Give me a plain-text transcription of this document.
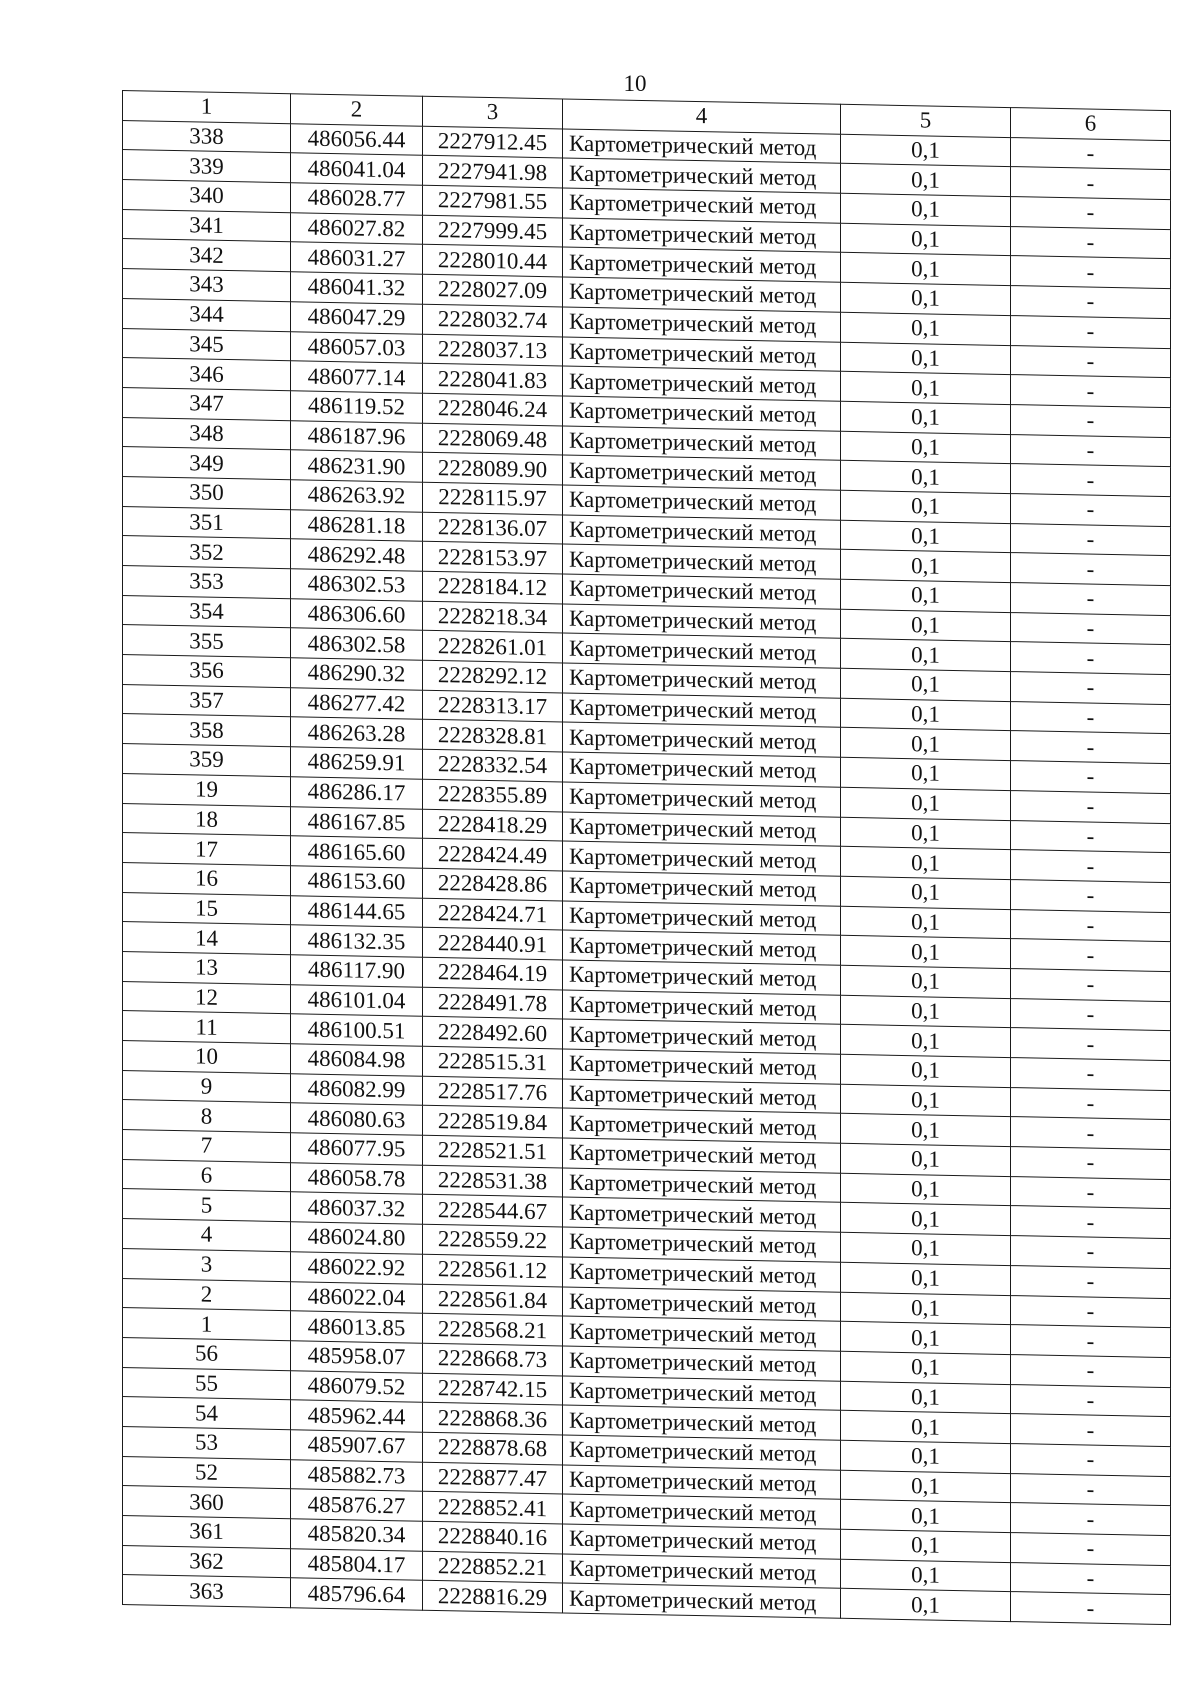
10
1	2	3	4	5	6
338	486056.44	2227912.45	Картометрический метод	0,1	-
339	486041.04	2227941.98	Картометрический метод	0,1	-
340	486028.77	2227981.55	Картометрический метод	0,1	-
341	486027.82	2227999.45	Картометрический метод	0,1	-
342	486031.27	2228010.44	Картометрический метод	0,1	-
343	486041.32	2228027.09	Картометрический метод	0,1	-
344	486047.29	2228032.74	Картометрический метод	0,1	-
345	486057.03	2228037.13	Картометрический метод	0,1	-
346	486077.14	2228041.83	Картометрический метод	0,1	-
347	486119.52	2228046.24	Картометрический метод	0,1	-
348	486187.96	2228069.48	Картометрический метод	0,1	-
349	486231.90	2228089.90	Картометрический метод	0,1	-
350	486263.92	2228115.97	Картометрический метод	0,1	-
351	486281.18	2228136.07	Картометрический метод	0,1	-
352	486292.48	2228153.97	Картометрический метод	0,1	-
353	486302.53	2228184.12	Картометрический метод	0,1	-
354	486306.60	2228218.34	Картометрический метод	0,1	-
355	486302.58	2228261.01	Картометрический метод	0,1	-
356	486290.32	2228292.12	Картометрический метод	0,1	-
357	486277.42	2228313.17	Картометрический метод	0,1	-
358	486263.28	2228328.81	Картометрический метод	0,1	-
359	486259.91	2228332.54	Картометрический метод	0,1	-
19	486286.17	2228355.89	Картометрический метод	0,1	-
18	486167.85	2228418.29	Картометрический метод	0,1	-
17	486165.60	2228424.49	Картометрический метод	0,1	-
16	486153.60	2228428.86	Картометрический метод	0,1	-
15	486144.65	2228424.71	Картометрический метод	0,1	-
14	486132.35	2228440.91	Картометрический метод	0,1	-
13	486117.90	2228464.19	Картометрический метод	0,1	-
12	486101.04	2228491.78	Картометрический метод	0,1	-
11	486100.51	2228492.60	Картометрический метод	0,1	-
10	486084.98	2228515.31	Картометрический метод	0,1	-
9	486082.99	2228517.76	Картометрический метод	0,1	-
8	486080.63	2228519.84	Картометрический метод	0,1	-
7	486077.95	2228521.51	Картометрический метод	0,1	-
6	486058.78	2228531.38	Картометрический метод	0,1	-
5	486037.32	2228544.67	Картометрический метод	0,1	-
4	486024.80	2228559.22	Картометрический метод	0,1	-
3	486022.92	2228561.12	Картометрический метод	0,1	-
2	486022.04	2228561.84	Картометрический метод	0,1	-
1	486013.85	2228568.21	Картометрический метод	0,1	-
56	485958.07	2228668.73	Картометрический метод	0,1	-
55	486079.52	2228742.15	Картометрический метод	0,1	-
54	485962.44	2228868.36	Картометрический метод	0,1	-
53	485907.67	2228878.68	Картометрический метод	0,1	-
52	485882.73	2228877.47	Картометрический метод	0,1	-
360	485876.27	2228852.41	Картометрический метод	0,1	-
361	485820.34	2228840.16	Картометрический метод	0,1	-
362	485804.17	2228852.21	Картометрический метод	0,1	-
363	485796.64	2228816.29	Картометрический метод	0,1	-
